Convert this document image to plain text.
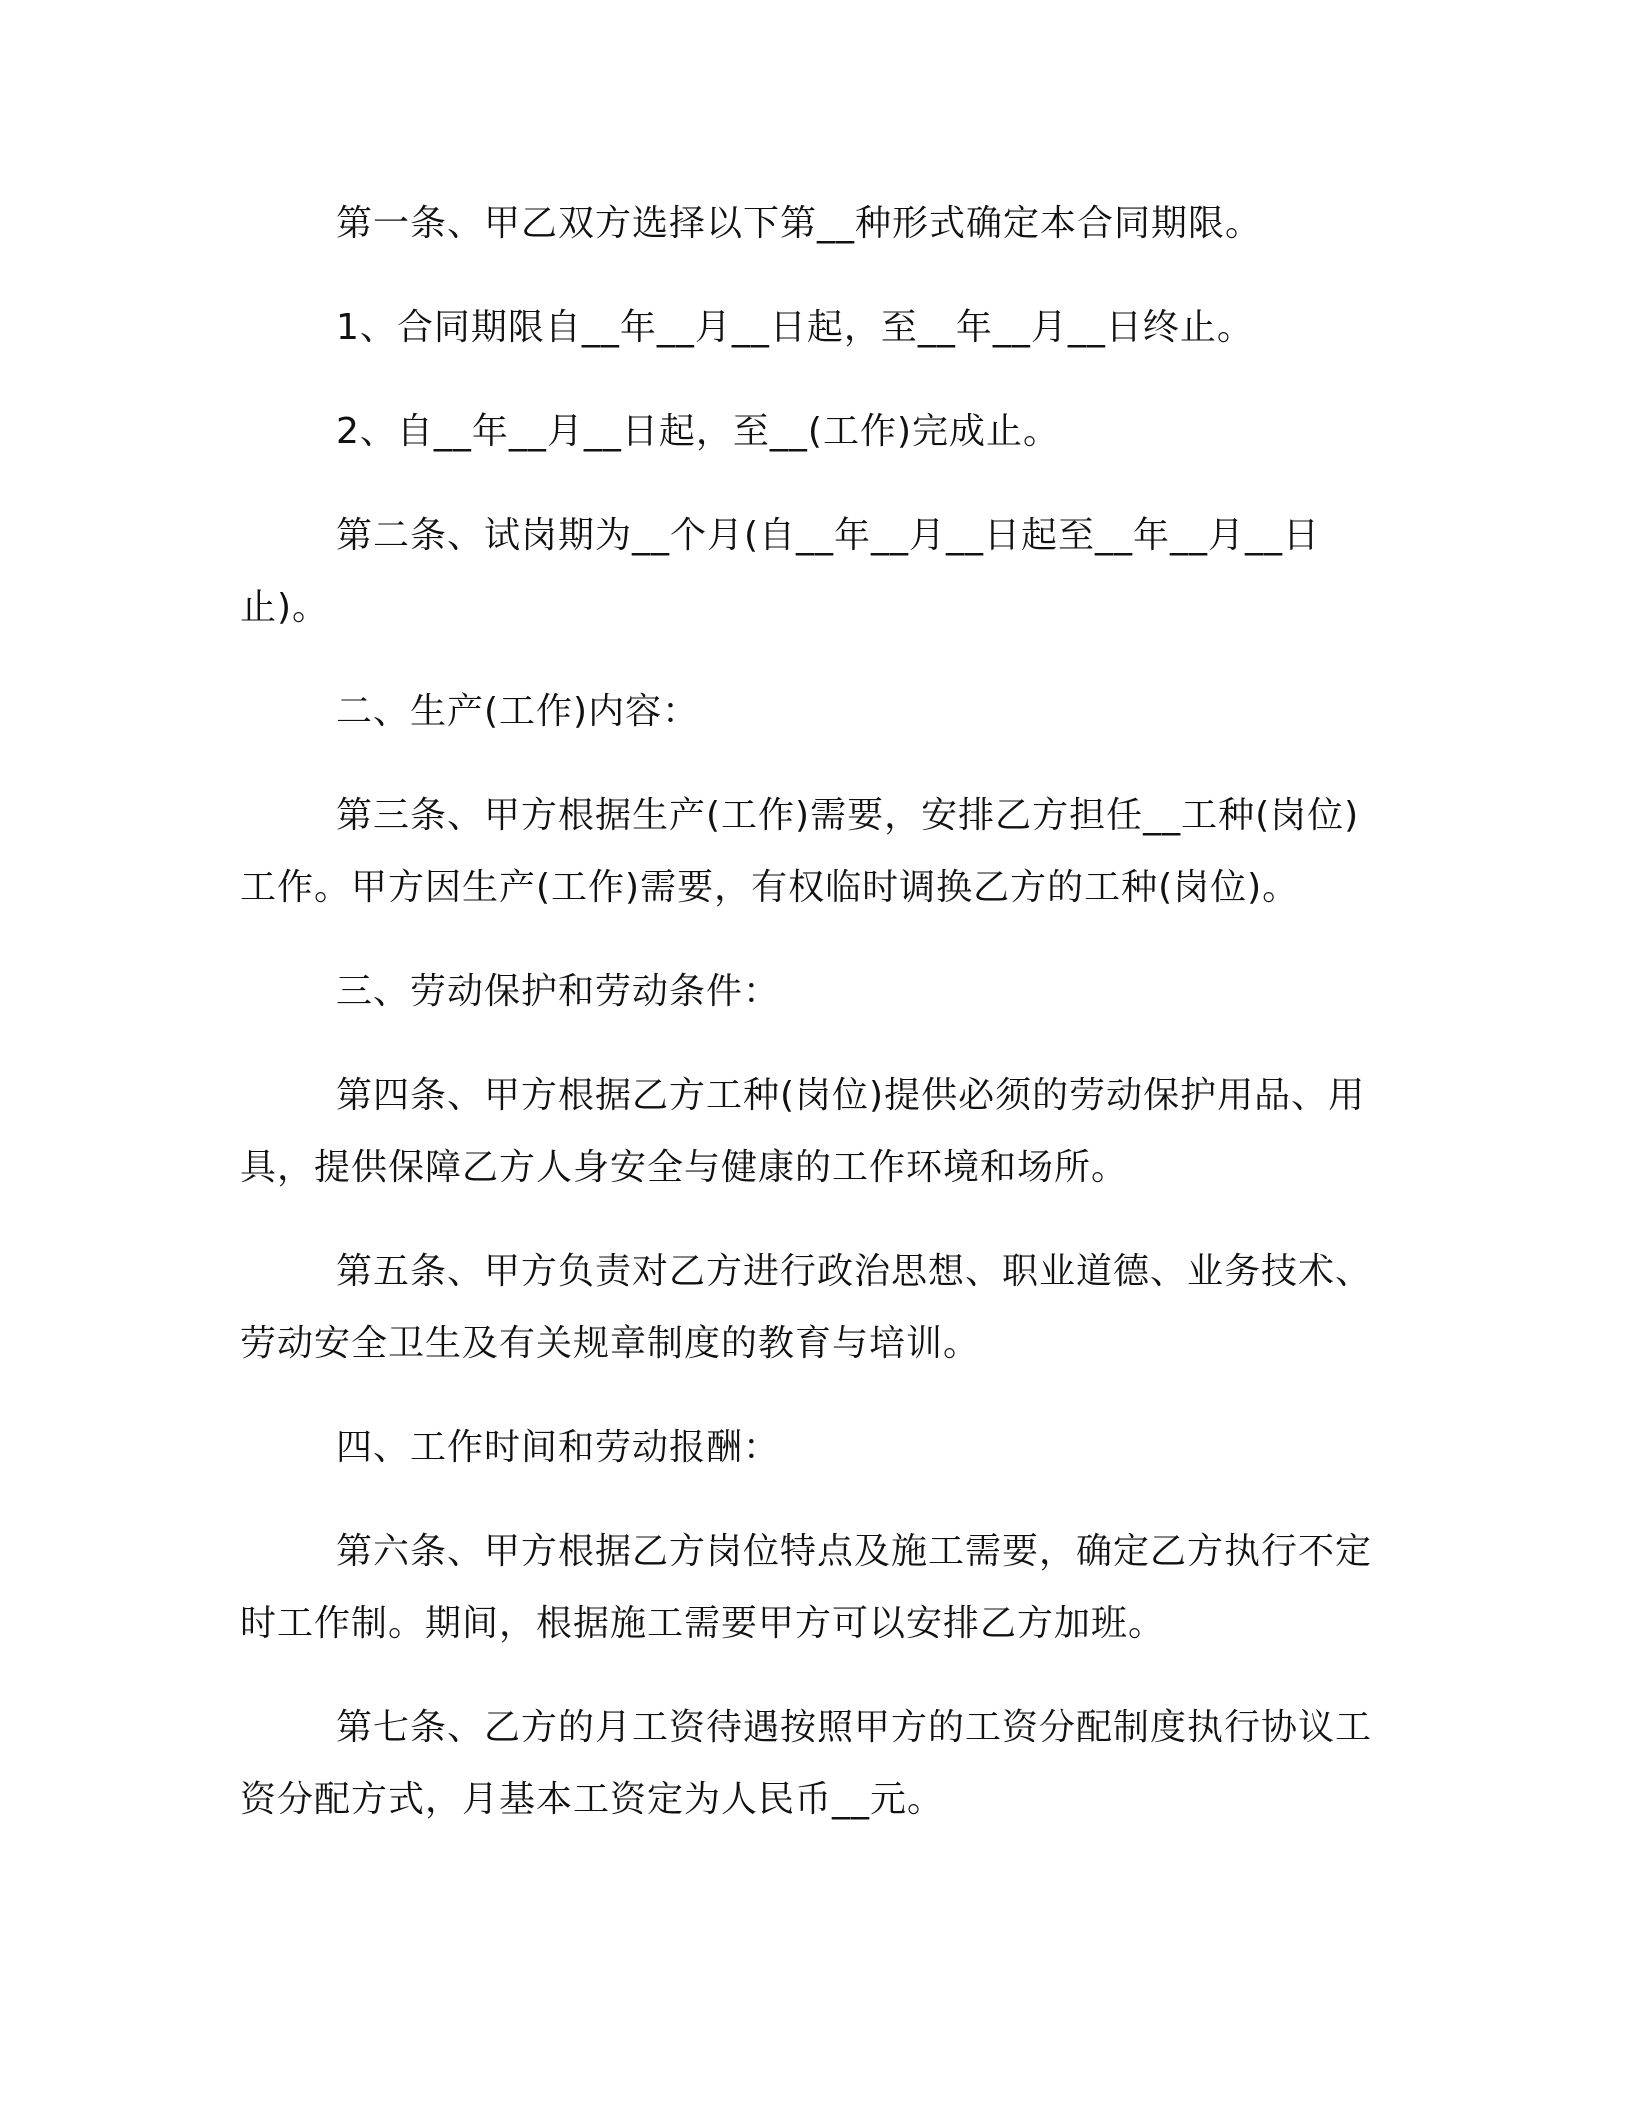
第一条、甲乙双方选择以下第__种形式确定本合同期限。

1、合同期限自__年__月__日起，至__年__月__日终止。

2、自__年__月__日起，至__(工作)完成止。

第二条、试岗期为__个月(自__年__月__日起至__年__月__日止)。

二、生产(工作)内容：

第三条、甲方根据生产(工作)需要，安排乙方担任__工种(岗位)工作。甲方因生产(工作)需要，有权临时调换乙方的工种(岗位)。

三、劳动保护和劳动条件：

第四条、甲方根据乙方工种(岗位)提供必须的劳动保护用品、用具，提供保障乙方人身安全与健康的工作环境和场所。

第五条、甲方负责对乙方进行政治思想、职业道德、业务技术、劳动安全卫生及有关规章制度的教育与培训。

四、工作时间和劳动报酬：

第六条、甲方根据乙方岗位特点及施工需要，确定乙方执行不定时工作制。期间，根据施工需要甲方可以安排乙方加班。

第七条、乙方的月工资待遇按照甲方的工资分配制度执行协议工资分配方式，月基本工资定为人民币__元。
